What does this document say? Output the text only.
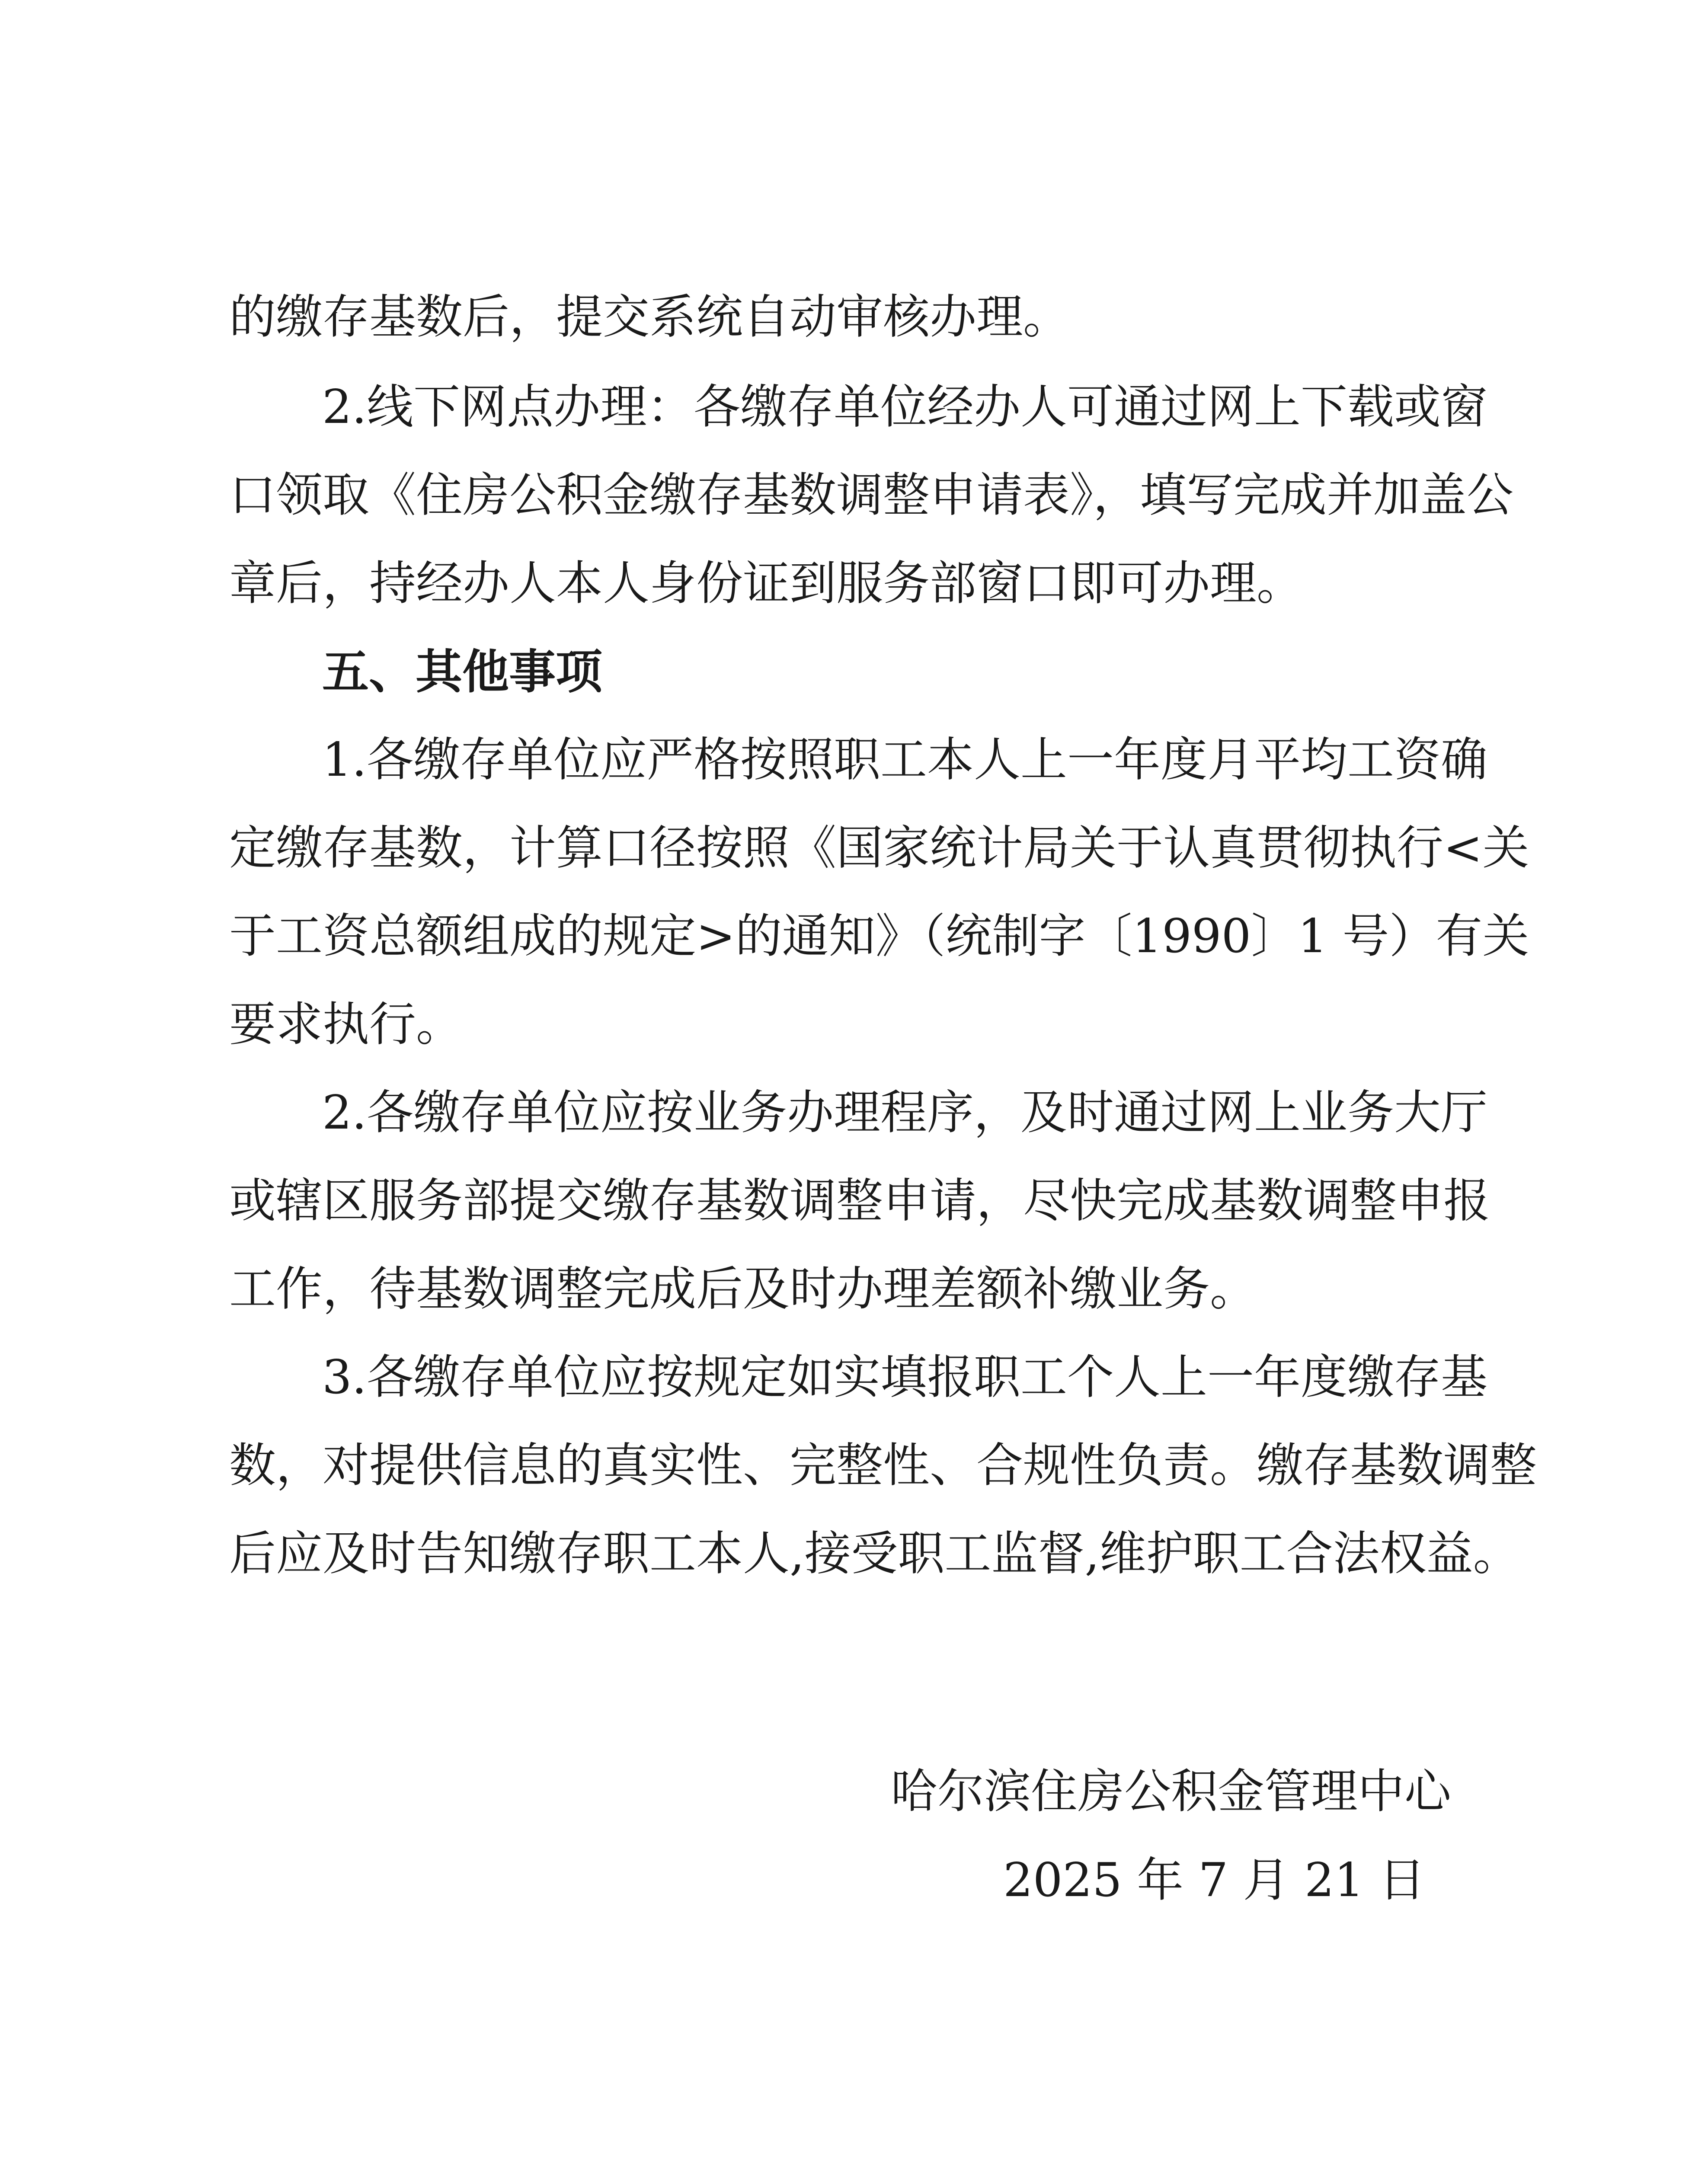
的缴存基数后，提交系统自动审核办理。
2.线下网点办理：各缴存单位经办人可通过网上下载或窗
口领取《住房公积金缴存基数调整申请表》，填写完成并加盖公
章后，持经办人本人身份证到服务部窗口即可办理。
五、其他事项
1.各缴存单位应严格按照职工本人上一年度月平均工资确
定缴存基数，计算口径按照《国家统计局关于认真贯彻执行<关
于工资总额组成的规定>的通知》（统制字〔1990〕1 号）有关
要求执行。
2.各缴存单位应按业务办理程序，及时通过网上业务大厅
或辖区服务部提交缴存基数调整申请，尽快完成基数调整申报
工作，待基数调整完成后及时办理差额补缴业务。
3.各缴存单位应按规定如实填报职工个人上一年度缴存基
数，对提供信息的真实性、完整性、合规性负责。缴存基数调整
后应及时告知缴存职工本人,接受职工监督,维护职工合法权益。
哈尔滨住房公积金管理中心
2025 年 7 月 21 日
